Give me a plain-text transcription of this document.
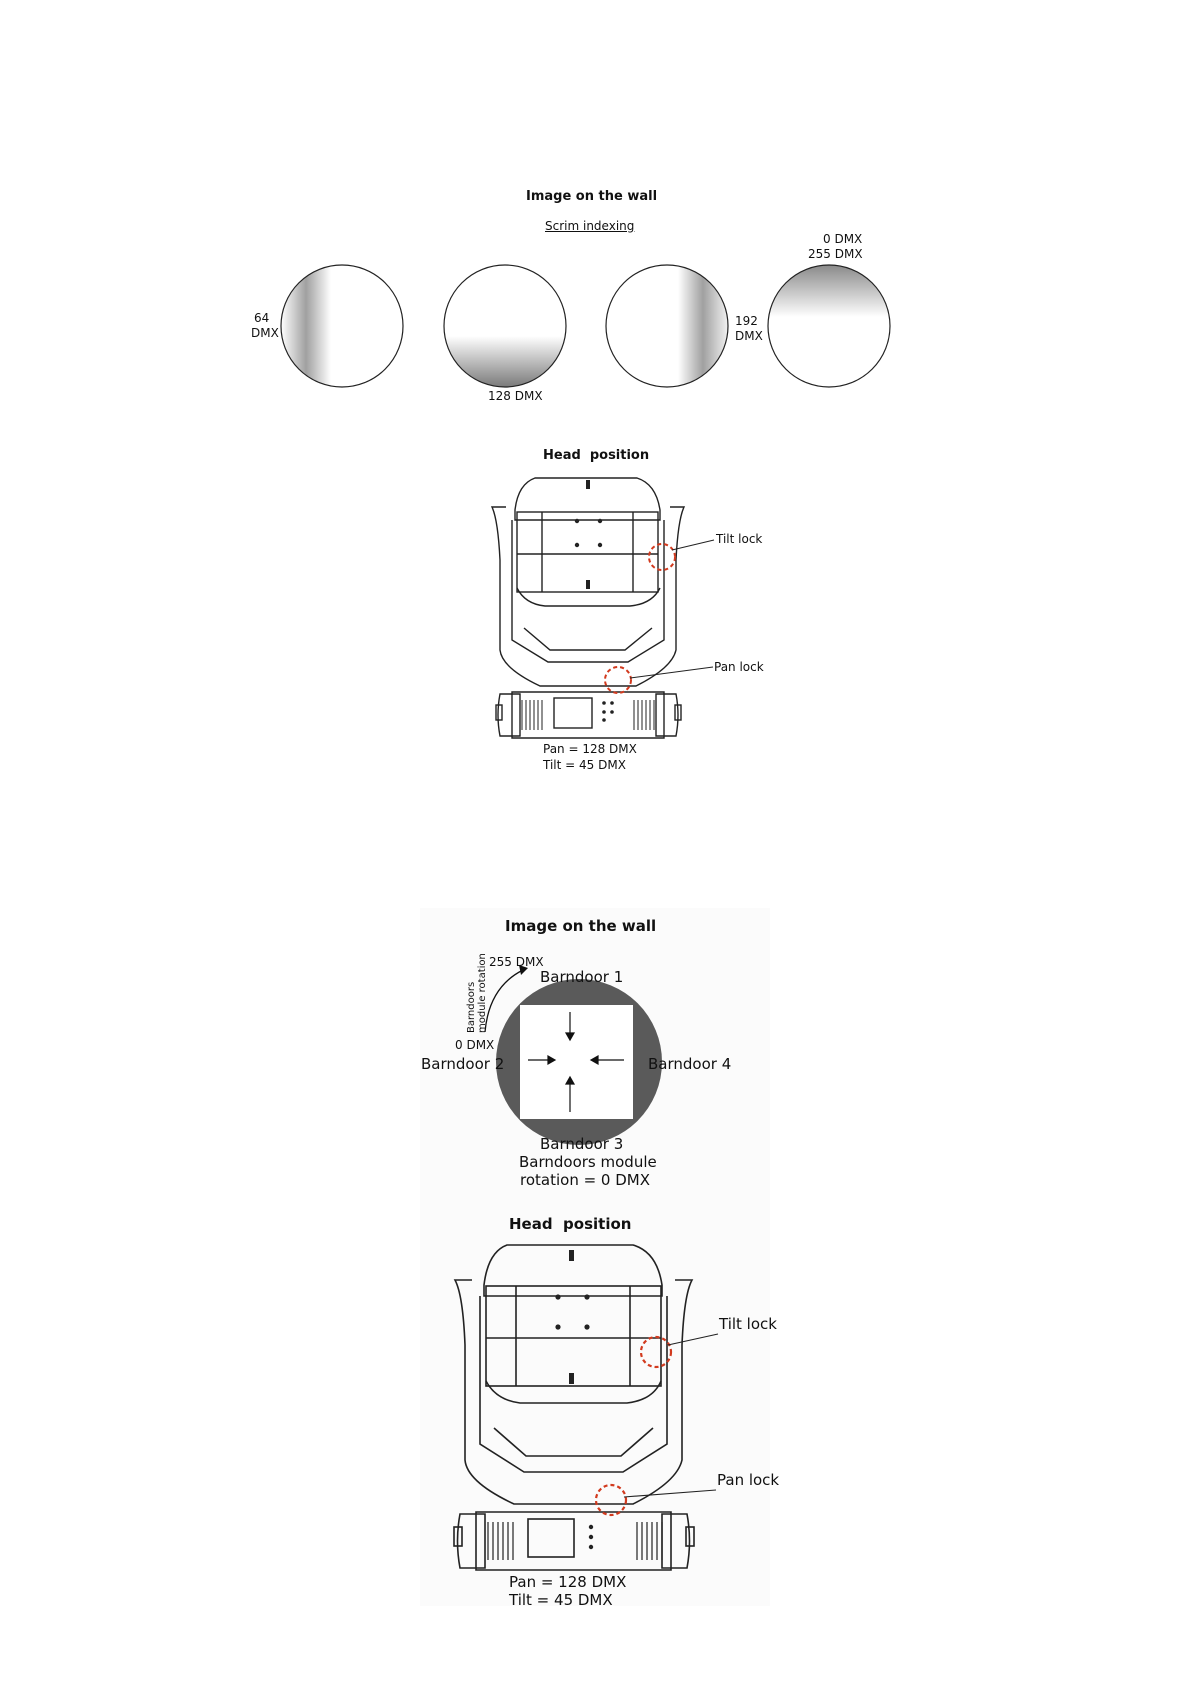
Image on the wall
Scrim indexing
64
DMX
128 DMX
192
DMX
0 DMX
255 DMX
Head  position
Tilt lock
Pan lock
Pan = 128 DMX
Tilt = 45 DMX
Image on the wall
Barndoors module rotation 255 DMX
0 DMX
Barndoor 1
Barndoor 2
Barndoor 3
Barndoor 4
Barndoors module
rotation = 0 DMX
Head  position
Tilt lock
Pan lock
Pan = 128 DMX
Tilt = 45 DMX
